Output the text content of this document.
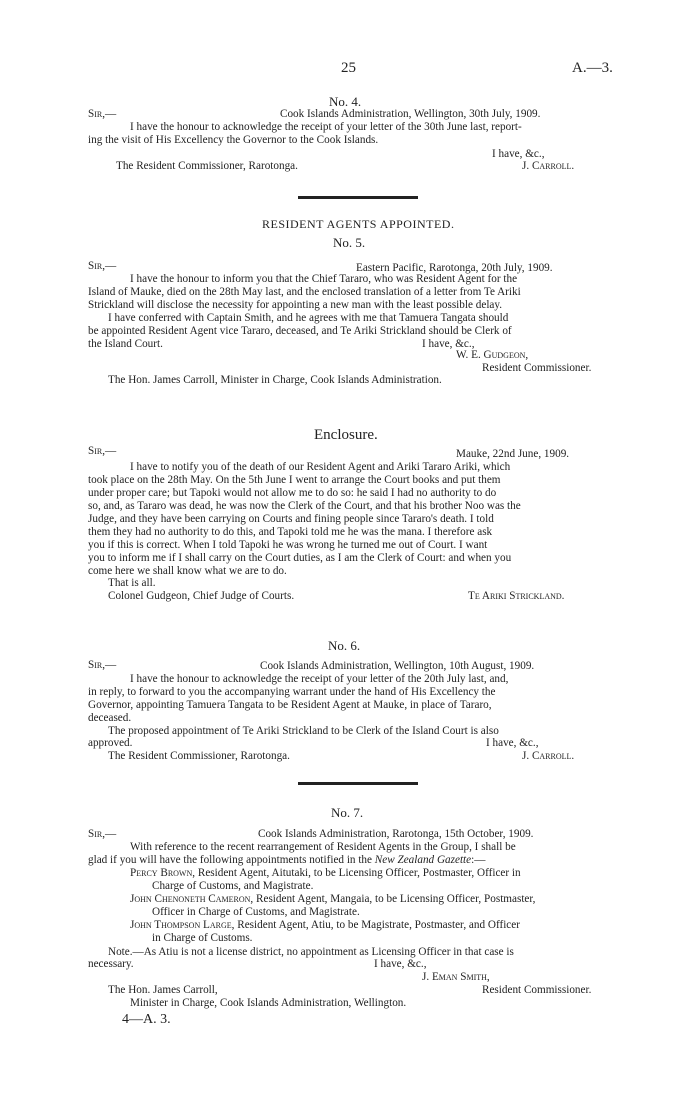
25	A.—3.
No. 4.
Sir,—	Cook Islands Administration, Wellington, 30th July, 1909.
I have the honour to acknowledge the receipt of your letter of the 30th June last, report-
ing the visit of His Excellency the Governor to the Cook Islands.
I have, &c.,
The Resident Commissioner, Rarotonga.	J. Carroll.
RESIDENT AGENTS APPOINTED.
No. 5.
Sir,—	Eastern Pacific, Rarotonga, 20th July, 1909.
I have the honour to inform you that the Chief Tararo, who was Resident Agent for the
Island of Mauke, died on the 28th May last, and the enclosed translation of a letter from Te Ariki
Strickland will disclose the necessity for appointing a new man with the least possible delay.
I have conferred with Captain Smith, and he agrees with me that Tamuera Tangata should
be appointed Resident Agent vice Tararo, deceased, and Te Ariki Strickland should be Clerk of
the Island Court.	I have, &c.,
W. E. Gudgeon,
Resident Commissioner.
The Hon. James Carroll, Minister in Charge, Cook Islands Administration.
Enclosure.
Sir,—	Mauke, 22nd June, 1909.
I have to notify you of the death of our Resident Agent and Ariki Tararo Ariki, which
took place on the 28th May. On the 5th June I went to arrange the Court books and put them
under proper care; but Tapoki would not allow me to do so: he said I had no authority to do
so, and, as Tararo was dead, he was now the Clerk of the Court, and that his brother Noo was the
Judge, and they have been carrying on Courts and fining people since Tararo's death. I told
them they had no authority to do this, and Tapoki told me he was the mana. I therefore ask
you if this is correct. When I told Tapoki he was wrong he turned me out of Court. I want
you to inform me if I shall carry on the Court duties, as I am the Clerk of Court: and when you
come here we shall know what we are to do.
That is all.
Colonel Gudgeon, Chief Judge of Courts.	Te Ariki Strickland.
No. 6.
Sir,—	Cook Islands Administration, Wellington, 10th August, 1909.
I have the honour to acknowledge the receipt of your letter of the 20th July last, and,
in reply, to forward to you the accompanying warrant under the hand of His Excellency the
Governor, appointing Tamuera Tangata to be Resident Agent at Mauke, in place of Tararo,
deceased.
The proposed appointment of Te Ariki Strickland to be Clerk of the Island Court is also
approved.	I have, &c.,
The Resident Commissioner, Rarotonga.	J. Carroll.
No. 7.
Sir,—	Cook Islands Administration, Rarotonga, 15th October, 1909.
With reference to the recent rearrangement of Resident Agents in the Group, I shall be
glad if you will have the following appointments notified in the New Zealand Gazette:—
Percy Brown, Resident Agent, Aitutaki, to be Licensing Officer, Postmaster, Officer in
Charge of Customs, and Magistrate.
John Chenoneth Cameron, Resident Agent, Mangaia, to be Licensing Officer, Postmaster,
Officer in Charge of Customs, and Magistrate.
John Thompson Large, Resident Agent, Atiu, to be Magistrate, Postmaster, and Officer
in Charge of Customs.
Note.—As Atiu is not a license district, no appointment as Licensing Officer in that case is
necessary.	I have, &c.,
J. Eman Smith,
The Hon. James Carroll,	Resident Commissioner.
Minister in Charge, Cook Islands Administration, Wellington.
4—A. 3.
